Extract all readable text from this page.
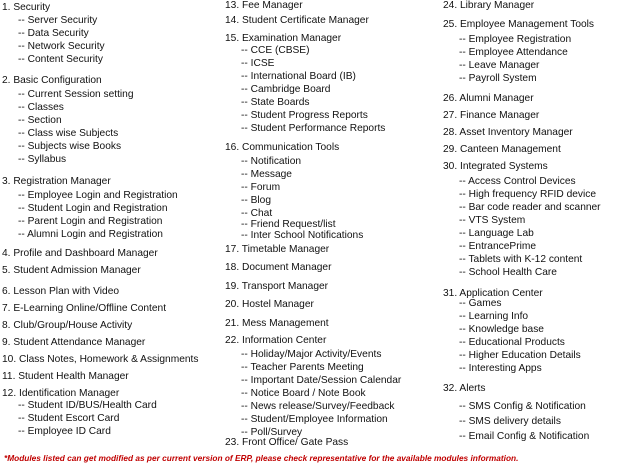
1. Security
-- Server Security
-- Data Security
-- Network Security
-- Content Security
2. Basic Configuration
-- Current Session setting
-- Classes
-- Section
-- Class wise Subjects
-- Subjects wise Books
-- Syllabus
3. Registration Manager
-- Employee Login and Registration
-- Student Login and Registration
-- Parent Login and Registration
-- Alumni Login and Registration
4. Profile and Dashboard Manager
5. Student Admission Manager
6. Lesson Plan with Video
7. E-Learning Online/Offline Content
8. Club/Group/House Activity
9. Student Attendance Manager
10. Class Notes, Homework & Assignments
11. Student Health Manager
12. Identification Manager
-- Student ID/BUS/Health Card
-- Student Escort Card
-- Employee ID Card
13. Fee Manager
14. Student Certificate Manager
15. Examination Manager
-- CCE (CBSE)
-- ICSE
-- International Board (IB)
-- Cambridge Board
-- State Boards
-- Student Progress Reports
-- Student Performance Reports
16. Communication Tools
-- Notification
-- Message
-- Forum
-- Blog
-- Chat
-- Friend Request/list
-- Inter School Notifications
17. Timetable Manager
18. Document Manager
19. Transport Manager
20. Hostel Manager
21. Mess Management
22. Information Center
-- Holiday/Major Activity/Events
-- Teacher Parents Meeting
-- Important Date/Session Calendar
-- Notice Board / Note Book
-- News release/Survey/Feedback
-- Student/Employee Information
-- Poll/Survey
23. Front Office/ Gate Pass
24. Library Manager
25. Employee Management Tools
-- Employee Registration
-- Employee Attendance
-- Leave Manager
-- Payroll System
26. Alumni Manager
27. Finance Manager
28. Asset Inventory Manager
29. Canteen Management
30. Integrated Systems
-- Access Control Devices
-- High frequency RFID device
-- Bar code reader and scanner
-- VTS System
-- Language Lab
-- EntrancePrime
-- Tablets with K-12 content
-- School Health Care
31. Application Center
-- Games
-- Learning Info
-- Knowledge base
-- Educational Products
-- Higher Education Details
-- Interesting Apps
32. Alerts
-- SMS Config & Notification
-- SMS delivery details
-- Email Config & Notification
*Modules listed can get modified as per current version of ERP, please check representative for the available modules information.
